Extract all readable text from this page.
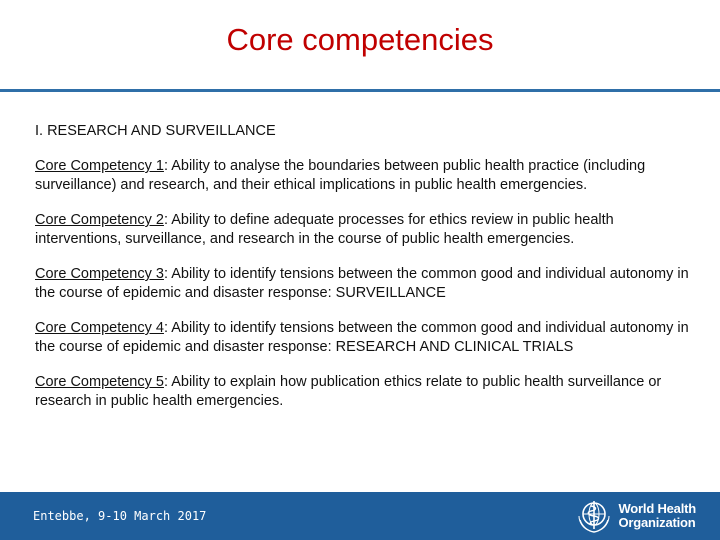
Core competencies
I. RESEARCH AND SURVEILLANCE
Core Competency 1: Ability to analyse the boundaries between public health practice (including surveillance) and research, and their ethical implications in public health emergencies.
Core Competency 2: Ability to define adequate processes for ethics review in public health interventions, surveillance, and research in the course of public health emergencies.
Core Competency 3: Ability to identify tensions between the common good and individual autonomy in the course of epidemic and disaster response: SURVEILLANCE
Core Competency 4: Ability to identify tensions between the common good and individual autonomy in the course of epidemic and disaster response: RESEARCH AND CLINICAL TRIALS
Core Competency 5: Ability to explain how publication ethics relate to public health surveillance or research in public health emergencies.
Entebbe, 9-10 March 2017	World Health
Organization
